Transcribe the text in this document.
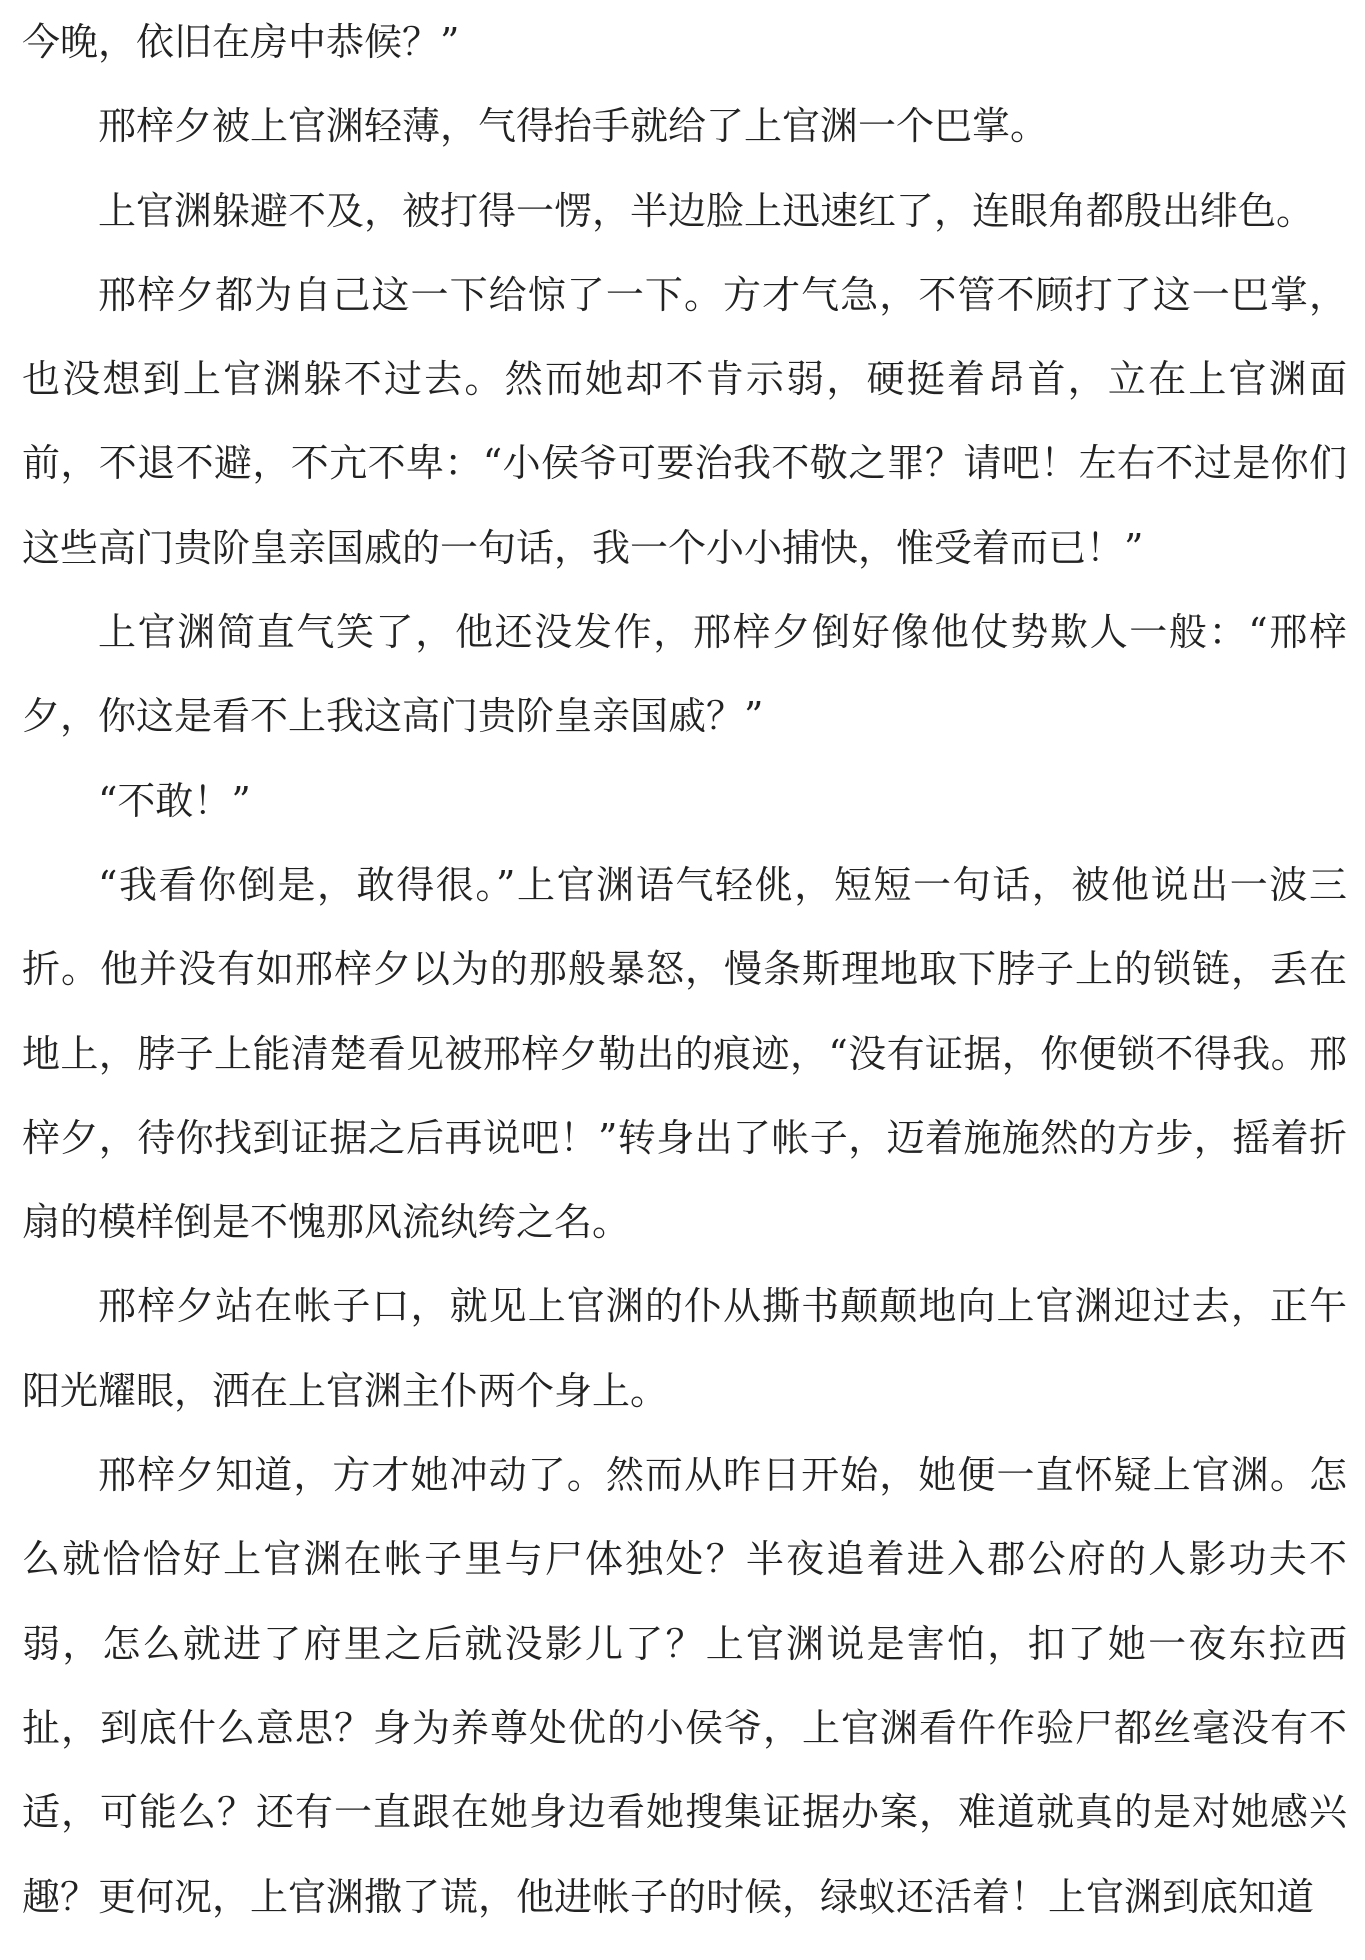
今晚，依旧在房中恭候？”

邢梓夕被上官渊轻薄，气得抬手就给了上官渊一个巴掌。

上官渊躲避不及，被打得一愣，半边脸上迅速红了，连眼角都殷出绯色。

邢梓夕都为自己这一下给惊了一下。方才气急，不管不顾打了这一巴掌，也没想到上官渊躲不过去。然而她却不肯示弱，硬挺着昂首，立在上官渊面前，不退不避，不亢不卑：“小侯爷可要治我不敬之罪？请吧！左右不过是你们这些高门贵阶皇亲国戚的一句话，我一个小小捕快，惟受着而已！”

上官渊简直气笑了，他还没发作，邢梓夕倒好像他仗势欺人一般：“邢梓夕，你这是看不上我这高门贵阶皇亲国戚？”

“不敢！”

“我看你倒是，敢得很。”上官渊语气轻佻，短短一句话，被他说出一波三折。他并没有如邢梓夕以为的那般暴怒，慢条斯理地取下脖子上的锁链，丢在地上，脖子上能清楚看见被邢梓夕勒出的痕迹，“没有证据，你便锁不得我。邢梓夕，待你找到证据之后再说吧！”转身出了帐子，迈着施施然的方步，摇着折扇的模样倒是不愧那风流纨绔之名。

邢梓夕站在帐子口，就见上官渊的仆从撕书颠颠地向上官渊迎过去，正午阳光耀眼，洒在上官渊主仆两个身上。

邢梓夕知道，方才她冲动了。然而从昨日开始，她便一直怀疑上官渊。怎么就恰恰好上官渊在帐子里与尸体独处？半夜追着进入郡公府的人影功夫不弱，怎么就进了府里之后就没影儿了？上官渊说是害怕，扣了她一夜东拉西扯，到底什么意思？身为养尊处优的小侯爷，上官渊看仵作验尸都丝毫没有不适，可能么？还有一直跟在她身边看她搜集证据办案，难道就真的是对她感兴趣？更何况，上官渊撒了谎，他进帐子的时候，绿蚁还活着！上官渊到底知道
